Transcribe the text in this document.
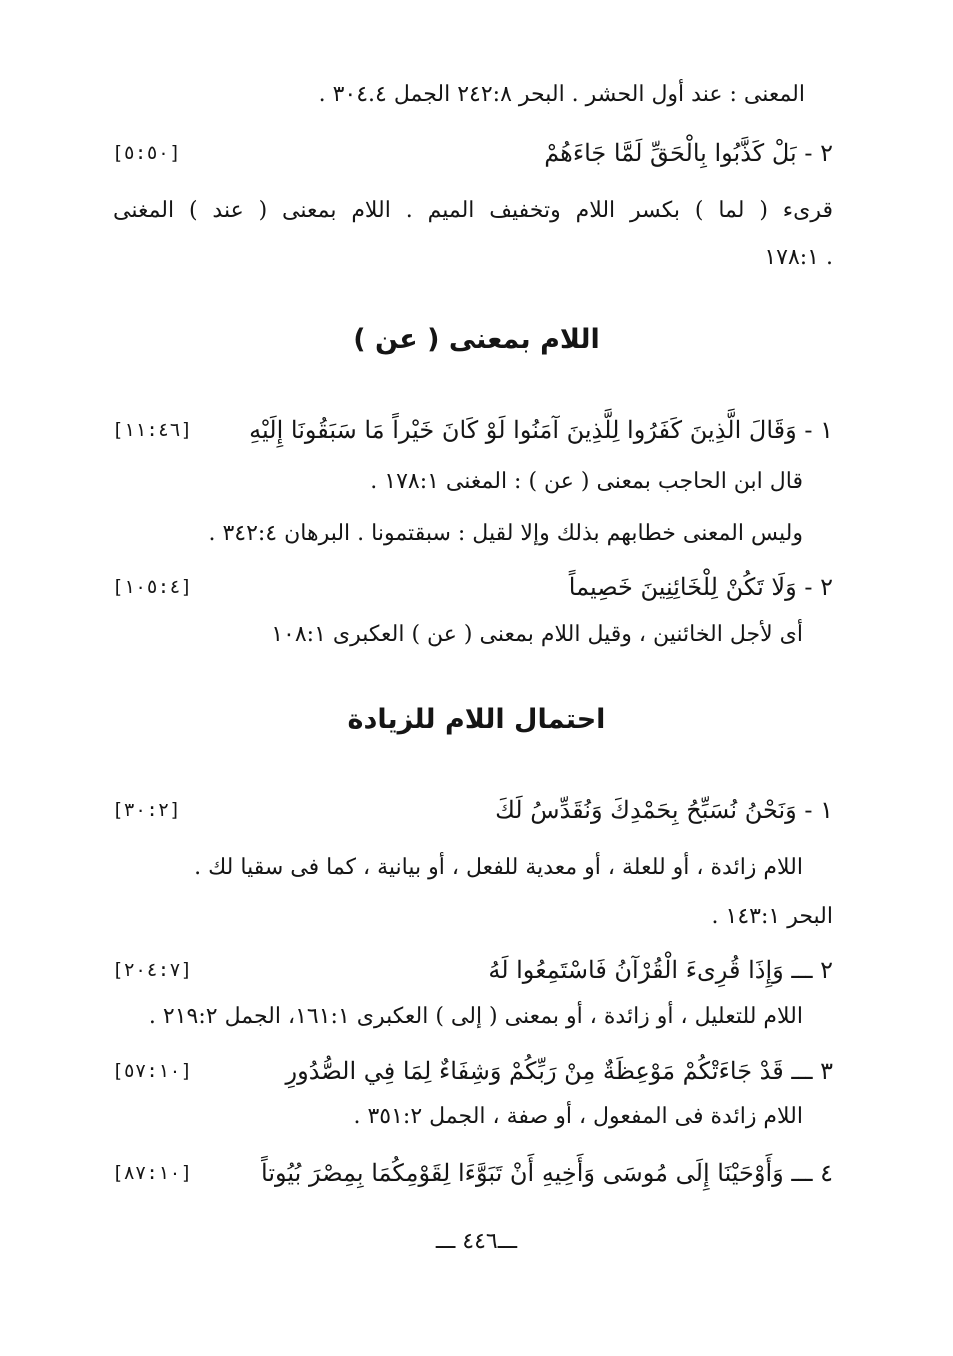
المعنى : عند أول الحشر . البحر ٢٤٢:٨ الجمل ٣٠٤.٤ .
٢ - بَلْ كَذَّبُوا بِالْحَقِّ لَمَّا جَاءَهُمْ
[٥:٥٠]
قرىء ( لما ) بكسر اللام وتخفيف الميم . اللام بمعنى ( عند ) المغنى
. ١٧٨:١
اللام بمعنى ( عن )
١ - وَقَالَ الَّذِينَ كَفَرُوا لِلَّذِينَ آمَنُوا لَوْ كَانَ خَيْراً مَا سَبَقُونَا إِلَيْهِ
[١١:٤٦]
قال ابن الحاجب بمعنى ( عن ) : المغنى ١٧٨:١ .
وليس المعنى خطابهم بذلك وإلا لقيل : سبقتمونا . البرهان ٣٤٢:٤ .
٢ - وَلَا تَكُنْ لِلْخَائِنِينَ خَصِيماً
[١٠٥:٤]
أى لأجل الخائنين ، وقيل اللام بمعنى ( عن ) العكبرى ١٠٨:١
احتمال اللام للزيادة
١ - وَنَحْنُ نُسَبِّحُ بِحَمْدِكَ وَنُقَدِّسُ لَكَ
[٣٠:٢]
اللام زائدة ، أو للعلة ، أو معدية للفعل ، أو بيانية ، كما فى سقيا لك .
البحر ١٤٣:١ .
٢ ـــ وَإِذَا قُرِىءَ الْقُرْآنُ فَاسْتَمِعُوا لَهُ
[٢٠٤:٧]
اللام للتعليل ، أو زائدة ، أو بمعنى ( إلى ) العكبرى ١٦١:١، الجمل ٢١٩:٢ .
٣ ـــ قَدْ جَاءَتْكُمْ مَوْعِظَةٌ مِنْ رَبِّكُمْ وَشِفَاءٌ لِمَا فِي الصُّدُورِ
[٥٧:١٠]
اللام زائدة فى المفعول ، أو صفة ، الجمل ٣٥١:٢ .
٤ ـــ وَأَوْحَيْنَا إِلَى مُوسَى وَأَخِيهِ أَنْ تَبَوَّءَا لِقَوْمِكُمَا بِمِصْرَ بُيُوتاً
[٨٧:١٠]
ـــ٤٤٦ ـــ
